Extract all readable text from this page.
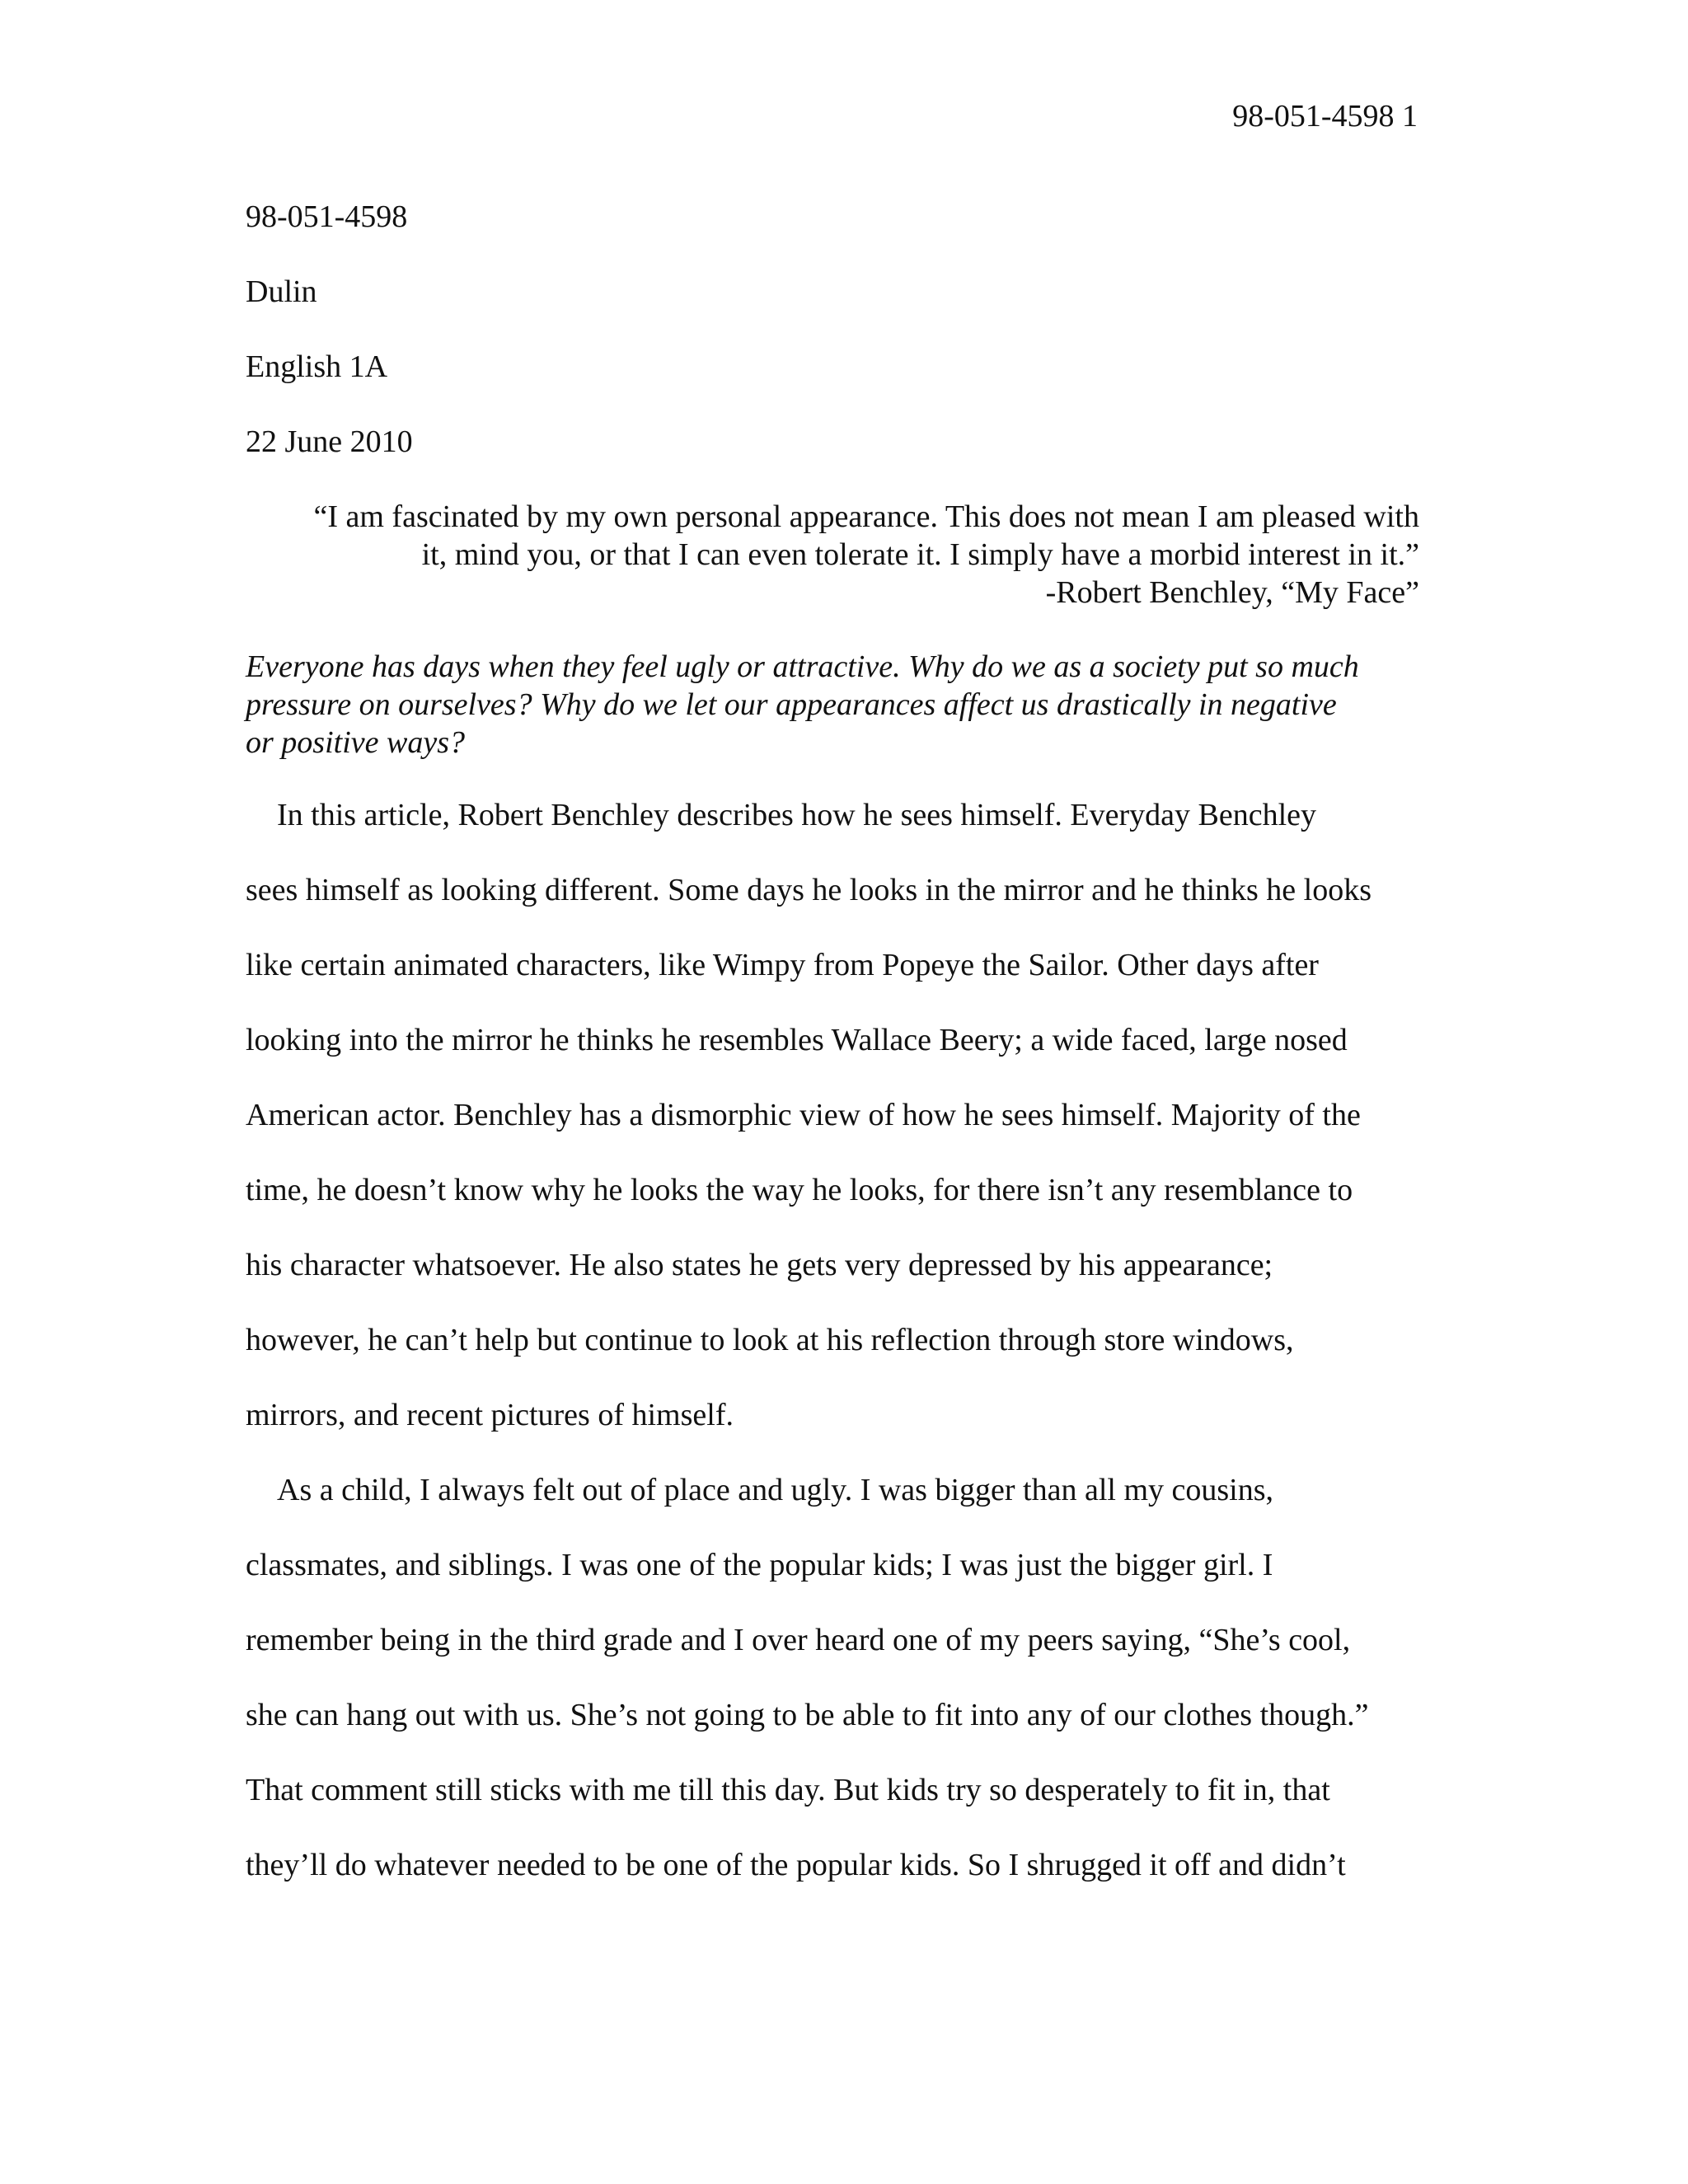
98-051-4598 1
98-051-4598
Dulin
English 1A
22 June 2010
“I am fascinated by my own personal appearance. This does not mean I am pleased with
it, mind you, or that I can even tolerate it. I simply have a morbid interest in it.”
-Robert Benchley, “My Face”
Everyone has days when they feel ugly or attractive. Why do we as a society put so much
pressure on ourselves? Why do we let our appearances affect us drastically in negative
or positive ways?
In this article, Robert Benchley describes how he sees himself. Everyday Benchley
sees himself as looking different. Some days he looks in the mirror and he thinks he looks
like certain animated characters, like Wimpy from Popeye the Sailor. Other days after
looking into the mirror he thinks he resembles Wallace Beery; a wide faced, large nosed
American actor. Benchley has a dismorphic view of how he sees himself. Majority of the
time, he doesn’t know why he looks the way he looks, for there isn’t any resemblance to
his character whatsoever. He also states he gets very depressed by his appearance;
however, he can’t help but continue to look at his reflection through store windows,
mirrors, and recent pictures of himself.
As a child, I always felt out of place and ugly. I was bigger than all my cousins,
classmates, and siblings. I was one of the popular kids; I was just the bigger girl. I
remember being in the third grade and I over heard one of my peers saying, “She’s cool,
she can hang out with us. She’s not going to be able to fit into any of our clothes though.”
That comment still sticks with me till this day. But kids try so desperately to fit in, that
they’ll do whatever needed to be one of the popular kids. So I shrugged it off and didn’t
